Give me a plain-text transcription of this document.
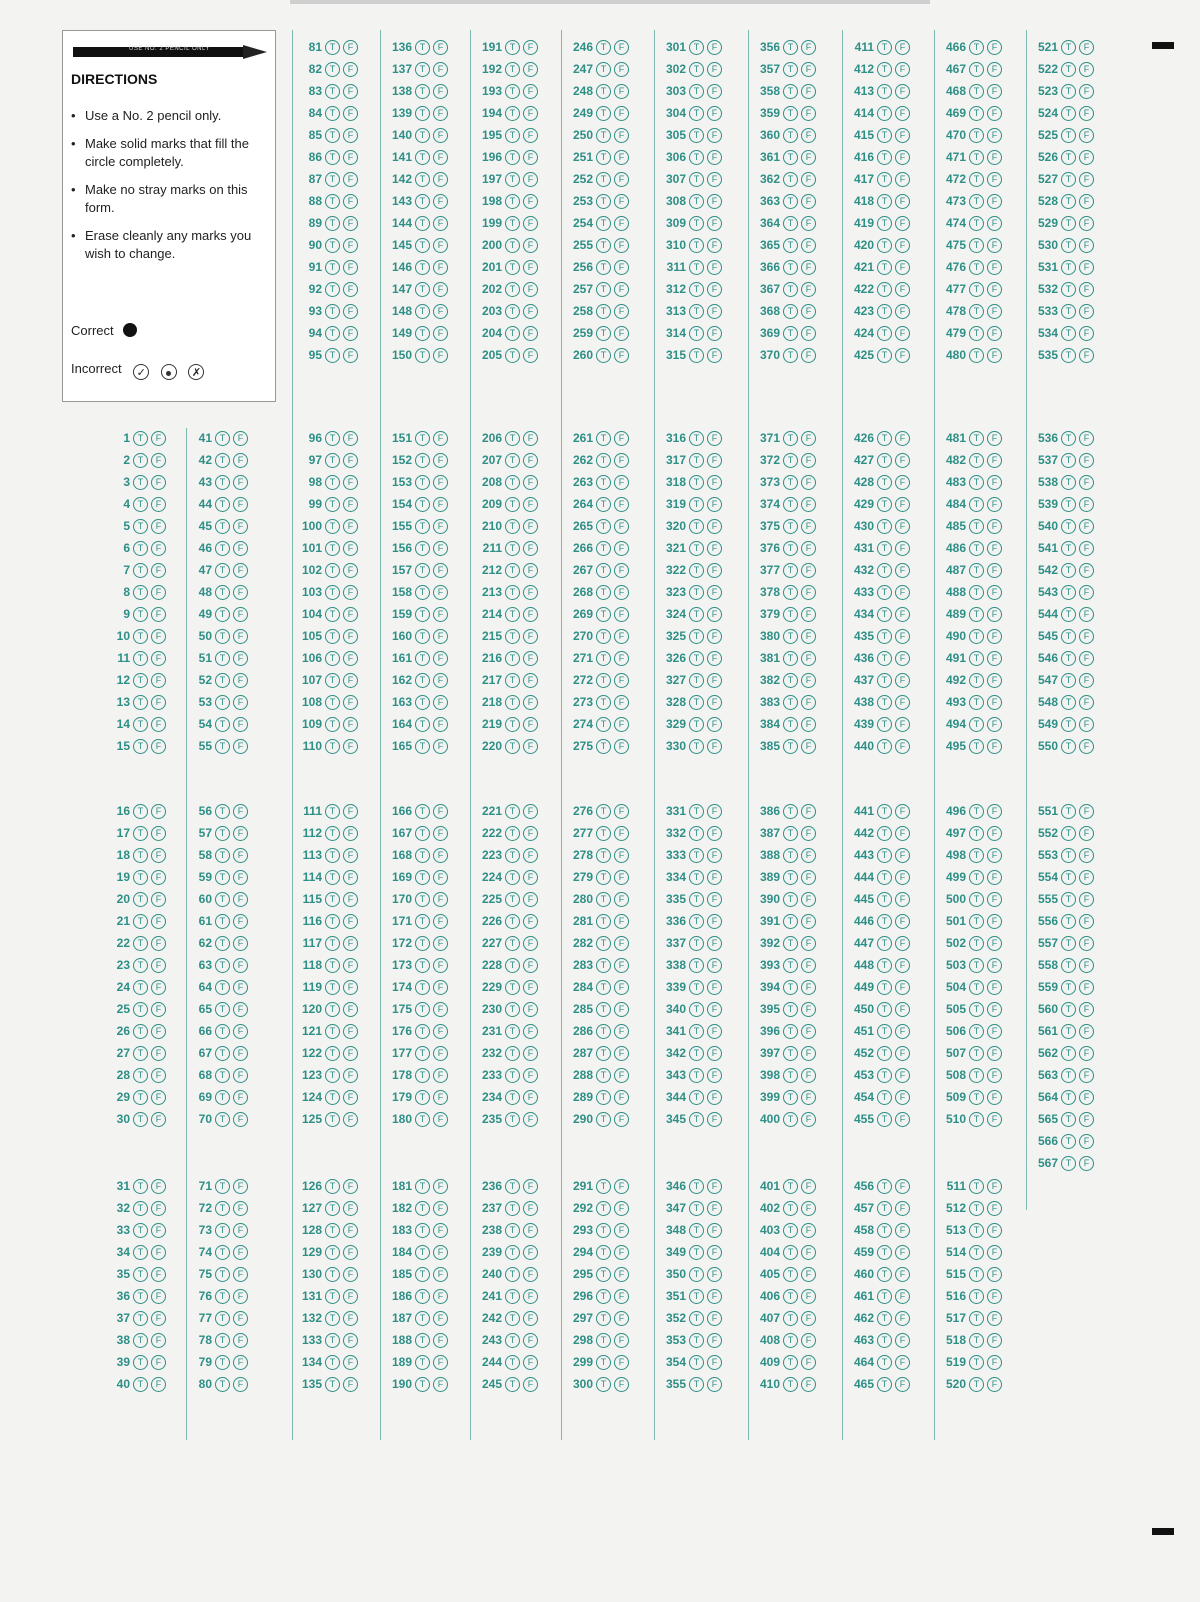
USE NO. 2 PENCIL ONLY
DIRECTIONS
• Use a No. 2 pencil only.
• Make solid marks that fill the circle completely.
• Make no stray marks on this form.
• Erase cleanly any marks you wish to change.
Correct
Incorrect ✓	✗
81 T	F
82 T	F
83 T	F
84 T	F
85 T	F
86 T	F
87 T	F
88 T	F
89 T	F
90 T	F
91 T	F
92 T	F
93 T	F
94 T	F
95 T	F
136 T	F
137 T	F
138 T	F
139 T	F
140 T	F
141 T	F
142 T	F
143 T	F
144 T	F
145 T	F
146 T	F
147 T	F
148 T	F
149 T	F
150 T	F
191 T	F
192 T	F
193 T	F
194 T	F
195 T	F
196 T	F
197 T	F
198 T	F
199 T	F
200 T	F
201 T	F
202 T	F
203 T	F
204 T	F
205 T	F
246 T	F
247 T	F
248 T	F
249 T	F
250 T	F
251 T	F
252 T	F
253 T	F
254 T	F
255 T	F
256 T	F
257 T	F
258 T	F
259 T	F
260 T	F
301 T	F
302 T	F
303 T	F
304 T	F
305 T	F
306 T	F
307 T	F
308 T	F
309 T	F
310 T	F
311 T	F
312 T	F
313 T	F
314 T	F
315 T	F
356 T	F
357 T	F
358 T	F
359 T	F
360 T	F
361 T	F
362 T	F
363 T	F
364 T	F
365 T	F
366 T	F
367 T	F
368 T	F
369 T	F
370 T	F
411 T	F
412 T	F
413 T	F
414 T	F
415 T	F
416 T	F
417 T	F
418 T	F
419 T	F
420 T	F
421 T	F
422 T	F
423 T	F
424 T	F
425 T	F
466 T	F
467 T	F
468 T	F
469 T	F
470 T	F
471 T	F
472 T	F
473 T	F
474 T	F
475 T	F
476 T	F
477 T	F
478 T	F
479 T	F
480 T	F
521 T	F
522 T	F
523 T	F
524 T	F
525 T	F
526 T	F
527 T	F
528 T	F
529 T	F
530 T	F
531 T	F
532 T	F
533 T	F
534 T	F
535 T	F
1 T	F
2 T	F
3 T	F
4 T	F
5 T	F
6 T	F
7 T	F
8 T	F
9 T	F
10 T	F
11 T	F
12 T	F
13 T	F
14 T	F
15 T	F
16 T	F
17 T	F
18 T	F
19 T	F
20 T	F
21 T	F
22 T	F
23 T	F
24 T	F
25 T	F
26 T	F
27 T	F
28 T	F
29 T	F
30 T	F
31 T	F
32 T	F
33 T	F
34 T	F
35 T	F
36 T	F
37 T	F
38 T	F
39 T	F
40 T	F
41 T	F
42 T	F
43 T	F
44 T	F
45 T	F
46 T	F
47 T	F
48 T	F
49 T	F
50 T	F
51 T	F
52 T	F
53 T	F
54 T	F
55 T	F
56 T	F
57 T	F
58 T	F
59 T	F
60 T	F
61 T	F
62 T	F
63 T	F
64 T	F
65 T	F
66 T	F
67 T	F
68 T	F
69 T	F
70 T	F
71 T	F
72 T	F
73 T	F
74 T	F
75 T	F
76 T	F
77 T	F
78 T	F
79 T	F
80 T	F
96 T	F
97 T	F
98 T	F
99 T	F
100 T	F
101 T	F
102 T	F
103 T	F
104 T	F
105 T	F
106 T	F
107 T	F
108 T	F
109 T	F
110 T	F
111 T	F
112 T	F
113 T	F
114 T	F
115 T	F
116 T	F
117 T	F
118 T	F
119 T	F
120 T	F
121 T	F
122 T	F
123 T	F
124 T	F
125 T	F
126 T	F
127 T	F
128 T	F
129 T	F
130 T	F
131 T	F
132 T	F
133 T	F
134 T	F
135 T	F
151 T	F
152 T	F
153 T	F
154 T	F
155 T	F
156 T	F
157 T	F
158 T	F
159 T	F
160 T	F
161 T	F
162 T	F
163 T	F
164 T	F
165 T	F
166 T	F
167 T	F
168 T	F
169 T	F
170 T	F
171 T	F
172 T	F
173 T	F
174 T	F
175 T	F
176 T	F
177 T	F
178 T	F
179 T	F
180 T	F
181 T	F
182 T	F
183 T	F
184 T	F
185 T	F
186 T	F
187 T	F
188 T	F
189 T	F
190 T	F
206 T	F
207 T	F
208 T	F
209 T	F
210 T	F
211 T	F
212 T	F
213 T	F
214 T	F
215 T	F
216 T	F
217 T	F
218 T	F
219 T	F
220 T	F
221 T	F
222 T	F
223 T	F
224 T	F
225 T	F
226 T	F
227 T	F
228 T	F
229 T	F
230 T	F
231 T	F
232 T	F
233 T	F
234 T	F
235 T	F
236 T	F
237 T	F
238 T	F
239 T	F
240 T	F
241 T	F
242 T	F
243 T	F
244 T	F
245 T	F
261 T	F
262 T	F
263 T	F
264 T	F
265 T	F
266 T	F
267 T	F
268 T	F
269 T	F
270 T	F
271 T	F
272 T	F
273 T	F
274 T	F
275 T	F
276 T	F
277 T	F
278 T	F
279 T	F
280 T	F
281 T	F
282 T	F
283 T	F
284 T	F
285 T	F
286 T	F
287 T	F
288 T	F
289 T	F
290 T	F
291 T	F
292 T	F
293 T	F
294 T	F
295 T	F
296 T	F
297 T	F
298 T	F
299 T	F
300 T	F
316 T	F
317 T	F
318 T	F
319 T	F
320 T	F
321 T	F
322 T	F
323 T	F
324 T	F
325 T	F
326 T	F
327 T	F
328 T	F
329 T	F
330 T	F
331 T	F
332 T	F
333 T	F
334 T	F
335 T	F
336 T	F
337 T	F
338 T	F
339 T	F
340 T	F
341 T	F
342 T	F
343 T	F
344 T	F
345 T	F
346 T	F
347 T	F
348 T	F
349 T	F
350 T	F
351 T	F
352 T	F
353 T	F
354 T	F
355 T	F
371 T	F
372 T	F
373 T	F
374 T	F
375 T	F
376 T	F
377 T	F
378 T	F
379 T	F
380 T	F
381 T	F
382 T	F
383 T	F
384 T	F
385 T	F
386 T	F
387 T	F
388 T	F
389 T	F
390 T	F
391 T	F
392 T	F
393 T	F
394 T	F
395 T	F
396 T	F
397 T	F
398 T	F
399 T	F
400 T	F
401 T	F
402 T	F
403 T	F
404 T	F
405 T	F
406 T	F
407 T	F
408 T	F
409 T	F
410 T	F
426 T	F
427 T	F
428 T	F
429 T	F
430 T	F
431 T	F
432 T	F
433 T	F
434 T	F
435 T	F
436 T	F
437 T	F
438 T	F
439 T	F
440 T	F
441 T	F
442 T	F
443 T	F
444 T	F
445 T	F
446 T	F
447 T	F
448 T	F
449 T	F
450 T	F
451 T	F
452 T	F
453 T	F
454 T	F
455 T	F
456 T	F
457 T	F
458 T	F
459 T	F
460 T	F
461 T	F
462 T	F
463 T	F
464 T	F
465 T	F
481 T	F
482 T	F
483 T	F
484 T	F
485 T	F
486 T	F
487 T	F
488 T	F
489 T	F
490 T	F
491 T	F
492 T	F
493 T	F
494 T	F
495 T	F
496 T	F
497 T	F
498 T	F
499 T	F
500 T	F
501 T	F
502 T	F
503 T	F
504 T	F
505 T	F
506 T	F
507 T	F
508 T	F
509 T	F
510 T	F
511 T	F
512 T	F
513 T	F
514 T	F
515 T	F
516 T	F
517 T	F
518 T	F
519 T	F
520 T	F
536 T	F
537 T	F
538 T	F
539 T	F
540 T	F
541 T	F
542 T	F
543 T	F
544 T	F
545 T	F
546 T	F
547 T	F
548 T	F
549 T	F
550 T	F
551 T	F
552 T	F
553 T	F
554 T	F
555 T	F
556 T	F
557 T	F
558 T	F
559 T	F
560 T	F
561 T	F
562 T	F
563 T	F
564 T	F
565 T	F
566 T	F
567 T	F
